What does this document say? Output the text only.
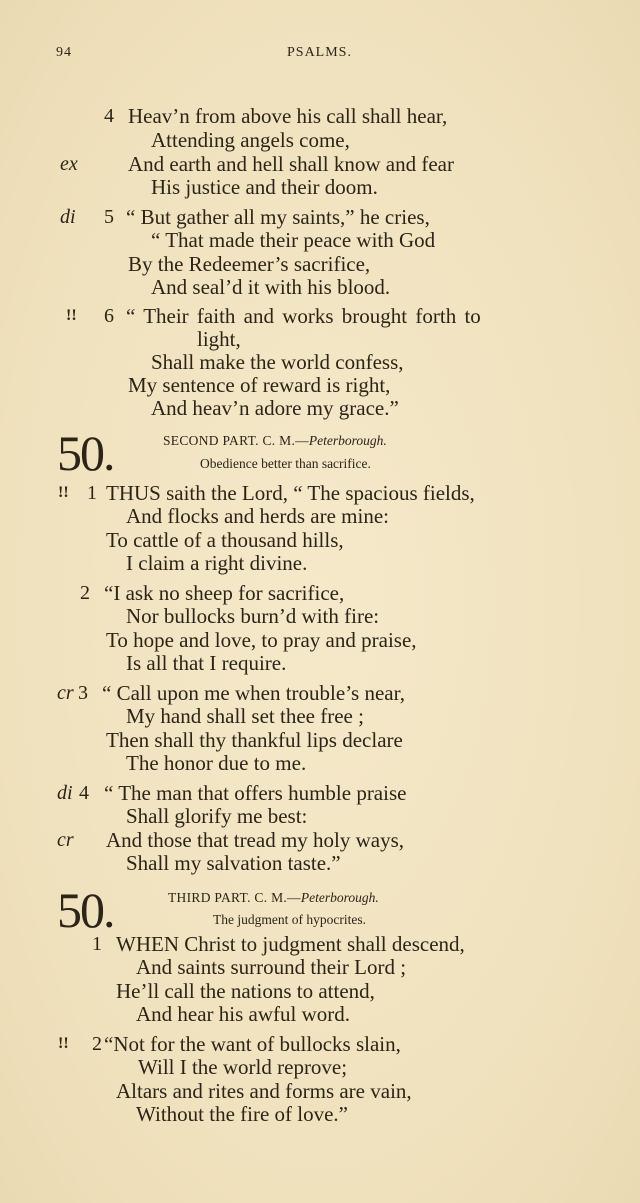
94	PSALMS.
4 Heav’n from above his call shall hear,
Attending angels come,
ex And earth and hell shall know and fear
His justice and their doom.
di 5 “ But gather all my saints,” he cries,
“ That made their peace with God
By the Redeemer’s sacrifice,
And seal’d it with his blood.
!! 6 “ Their faith and works brought forth to
light,
Shall make the world confess,
My sentence of reward is right,
And heav’n adore my grace.”
50.	SECOND PART. C. M.—Peterborough.
Obedience better than sacrifice.
!! 1 THUS saith the Lord, “ The spacious fields,
And flocks and herds are mine:
To cattle of a thousand hills,
I claim a right divine.
2 “I ask no sheep for sacrifice,
Nor bullocks burn’d with fire:
To hope and love, to pray and praise,
Is all that I require.
cr 3 “ Call upon me when trouble’s near,
My hand shall set thee free ;
Then shall thy thankful lips declare
The honor due to me.
di 4 “ The man that offers humble praise
Shall glorify me best:
cr And those that tread my holy ways,
Shall my salvation taste.”
50.	THIRD PART. C. M.—Peterborough.
The judgment of hypocrites.
1 WHEN Christ to judgment shall descend,
And saints surround their Lord ;
He’ll call the nations to attend,
And hear his awful word.
!! 2 “Not for the want of bullocks slain,
Will I the world reprove;
Altars and rites and forms are vain,
Without the fire of love.”
